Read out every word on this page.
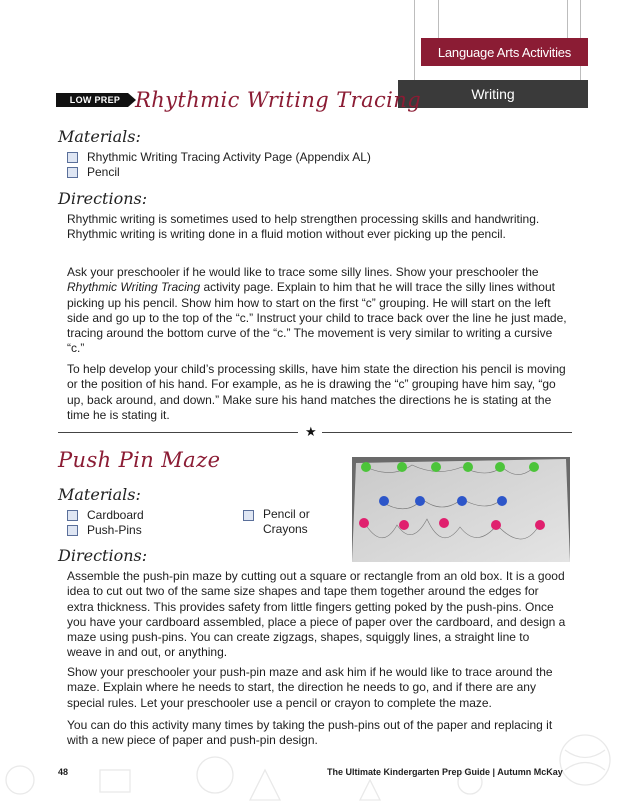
Language Arts Activities
Writing
LOW PREP Rhythmic Writing Tracing
Materials:
Rhythmic Writing Tracing Activity Page (Appendix AL)
Pencil
Directions:
Rhythmic writing is sometimes used to help strengthen processing skills and handwriting. Rhythmic writing is writing done in a fluid motion without ever picking up the pencil.
Ask your preschooler if he would like to trace some silly lines. Show your preschooler the Rhythmic Writing Tracing activity page. Explain to him that he will trace the silly lines without picking up his pencil. Show him how to start on the first “c” grouping. He will start on the left side and go up to the top of the “c.” Instruct your child to trace back over the line he just made, tracing around the bottom curve of the “c.” The movement is very similar to writing a cursive “c.”
To help develop your child’s processing skills, have him state the direction his pencil is moving or the position of his hand. For example, as he is drawing the “c” grouping have him say, “go up, back around, and down.” Make sure his hand matches the directions he is stating at the time he is stating it.
★
Push Pin Maze
Materials:
Cardboard
Push-Pins
Pencil or
Crayons
Directions:
Assemble the push-pin maze by cutting out a square or rectangle from an old box. It is a good idea to cut out two of the same size shapes and tape them together around the edges for extra thickness. This provides safety from little fingers getting poked by the push-pins. Once you have your cardboard assembled, place a piece of paper over the cardboard, and design a maze using push-pins. You can create zigzags, shapes, squiggly lines, a straight line to weave in and out, or anything.
Show your preschooler your push-pin maze and ask him if he would like to trace around the maze. Explain where he needs to start, the direction he needs to go, and if there are any special rules. Let your preschooler use a pencil or crayon to complete the maze.
You can do this activity many times by taking the push-pins out of the paper and replacing it with a new piece of paper and push-pin design.
48	The Ultimate Kindergarten Prep Guide | Autumn McKay
